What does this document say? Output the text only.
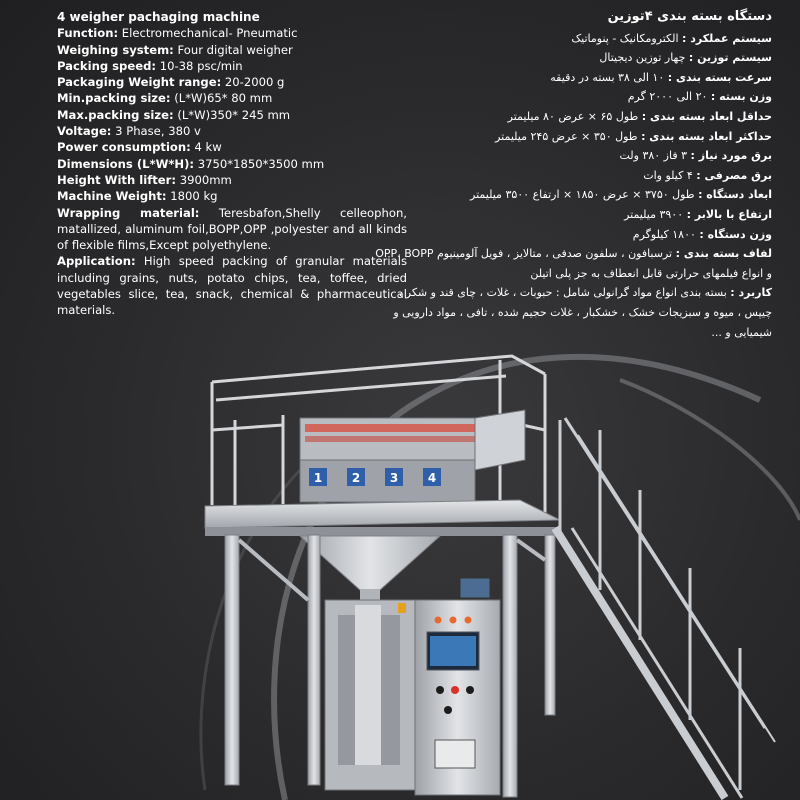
4 weigher pachaging machine
Function: Electromechanical- Pneumatic
Weighing system: Four digital weigher
Packing speed: 10-38 psc/min
Packaging Weight range: 20-2000 g
Min.packing size: (L*W)65* 80 mm
Max.packing size: (L*W)350* 245 mm
Voltage: 3 Phase, 380 v
Power consumption: 4 kw
Dimensions (L*W*H): 3750*1850*3500 mm
Height With lifter: 3900mm
Machine Weight: 1800 kg
Wrapping material: Teresbafon,Shelly celleophon, matallized, aluminum foil,BOPP,OPP ,polyester and all kinds of flexible films,Except polyethylene.
Application: High speed packing of granular materials including grains, nuts, potato chips, tea, toffee, dried vegetables slice, tea, snack, chemical & pharmaceutical materials.
دستگاه بسته بندی ۴توزین
سیستم عملکرد : الکترومکانیک - پنوماتیک
سیستم توزین : چهار توزین دیجیتال
سرعت بسته بندی : ۱۰ الی ۳۸ بسته در دقیقه
وزن بسته : ۲۰ الی ۲۰۰۰ گرم
حداقل ابعاد بسته بندی : طول ۶۵ × عرض ۸۰ میلیمتر
حداکثر ابعاد بسته بندی : طول ۳۵۰ × عرض ۲۴۵ میلیمتر
برق مورد نیاز : ۳ فاز ۳۸۰ ولت
برق مصرفی : ۴ کیلو وات
ابعاد دستگاه : طول ۳۷۵۰ × عرض ۱۸۵۰ × ارتفاع ۳۵۰۰ میلیمتر
ارتفاع با بالابر : ۳۹۰۰ میلیمتر
وزن دستگاه : ۱۸۰۰ کیلوگرم
لفاف بسته بندی : ترسبافون ، سلفون صدفی ، متالایز ، فویل آلومینیوم OPP، BOPP و انواع فیلمهای حرارتی قابل انعطاف به جز پلی اتیلن
کاربرد : بسته بندی انواع مواد گرانولی شامل : حبوبات ، غلات ، چای قند و شکر ، چیپس ، میوه و سبزیجات خشک ، خشکبار ، غلات حجیم شده ، تافی ، مواد دارویی و شیمیایی و ...
1 2 3 4
